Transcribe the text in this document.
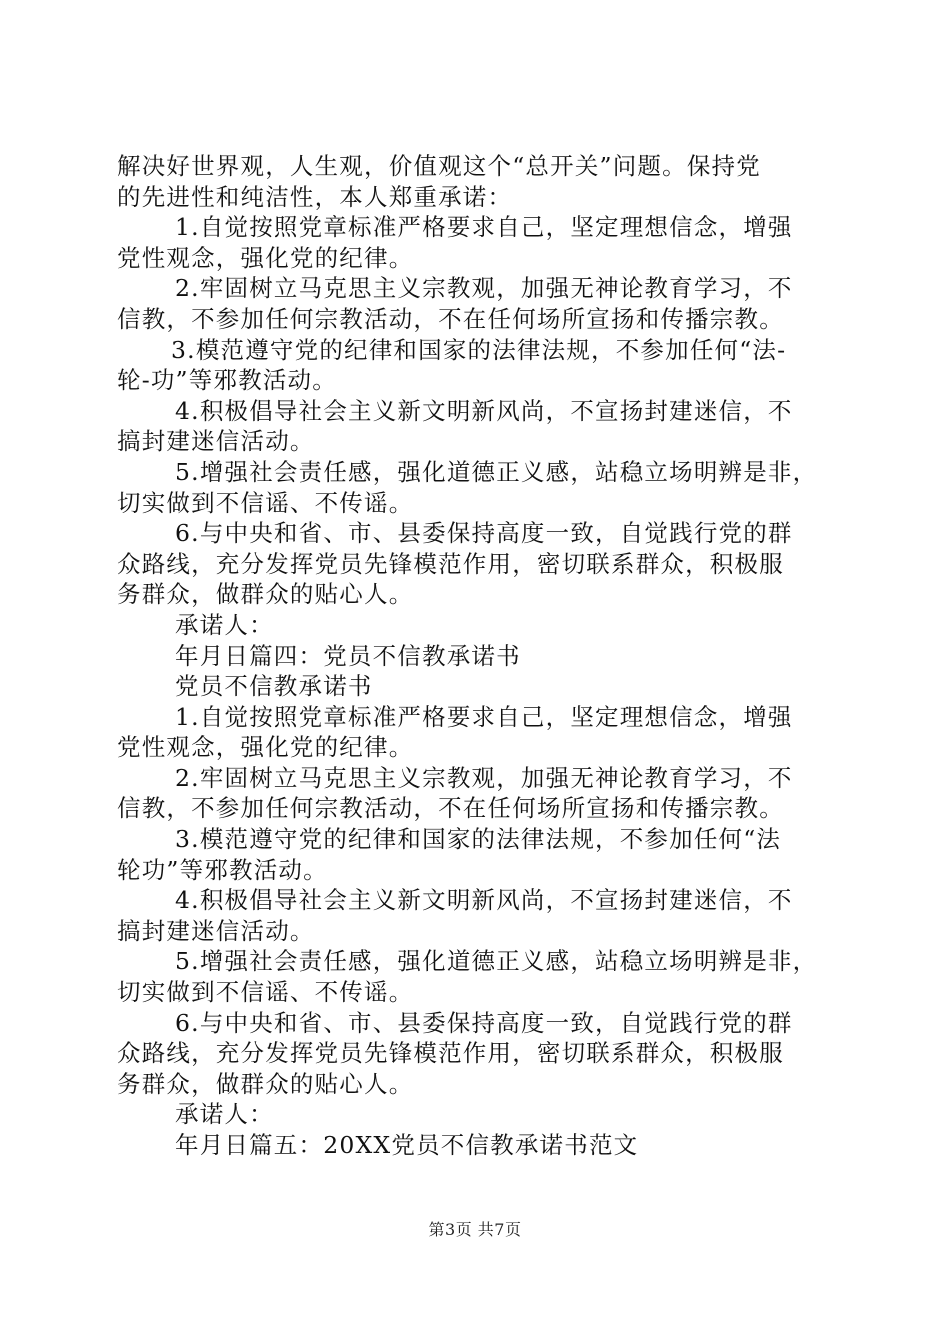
解决好世界观，人生观，价值观这个“总开关”问题。保持党
的先进性和纯洁性，本人郑重承诺：
1.自觉按照党章标准严格要求自己，坚定理想信念，增强
党性观念，强化党的纪律。
2.牢固树立马克思主义宗教观，加强无神论教育学习，不
信教，不参加任何宗教活动，不在任何场所宣扬和传播宗教。
3.模范遵守党的纪律和国家的法律法规，不参加任何“法-
轮-功”等邪教活动。
4.积极倡导社会主义新文明新风尚，不宣扬封建迷信，不
搞封建迷信活动。
5.增强社会责任感，强化道德正义感，站稳立场明辨是非，
切实做到不信谣、不传谣。
6.与中央和省、市、县委保持高度一致，自觉践行党的群
众路线，充分发挥党员先锋模范作用，密切联系群众，积极服
务群众，做群众的贴心人。
承诺人：
年月日篇四：党员不信教承诺书
党员不信教承诺书
1.自觉按照党章标准严格要求自己，坚定理想信念，增强
党性观念，强化党的纪律。
2.牢固树立马克思主义宗教观，加强无神论教育学习，不
信教，不参加任何宗教活动，不在任何场所宣扬和传播宗教。
3.模范遵守党的纪律和国家的法律法规，不参加任何“法
轮功”等邪教活动。
4.积极倡导社会主义新文明新风尚，不宣扬封建迷信，不
搞封建迷信活动。
5.增强社会责任感，强化道德正义感，站稳立场明辨是非，
切实做到不信谣、不传谣。
6.与中央和省、市、县委保持高度一致，自觉践行党的群
众路线，充分发挥党员先锋模范作用，密切联系群众，积极服
务群众，做群众的贴心人。
承诺人：
年月日篇五：20XX党员不信教承诺书范文
第3页 共7页
